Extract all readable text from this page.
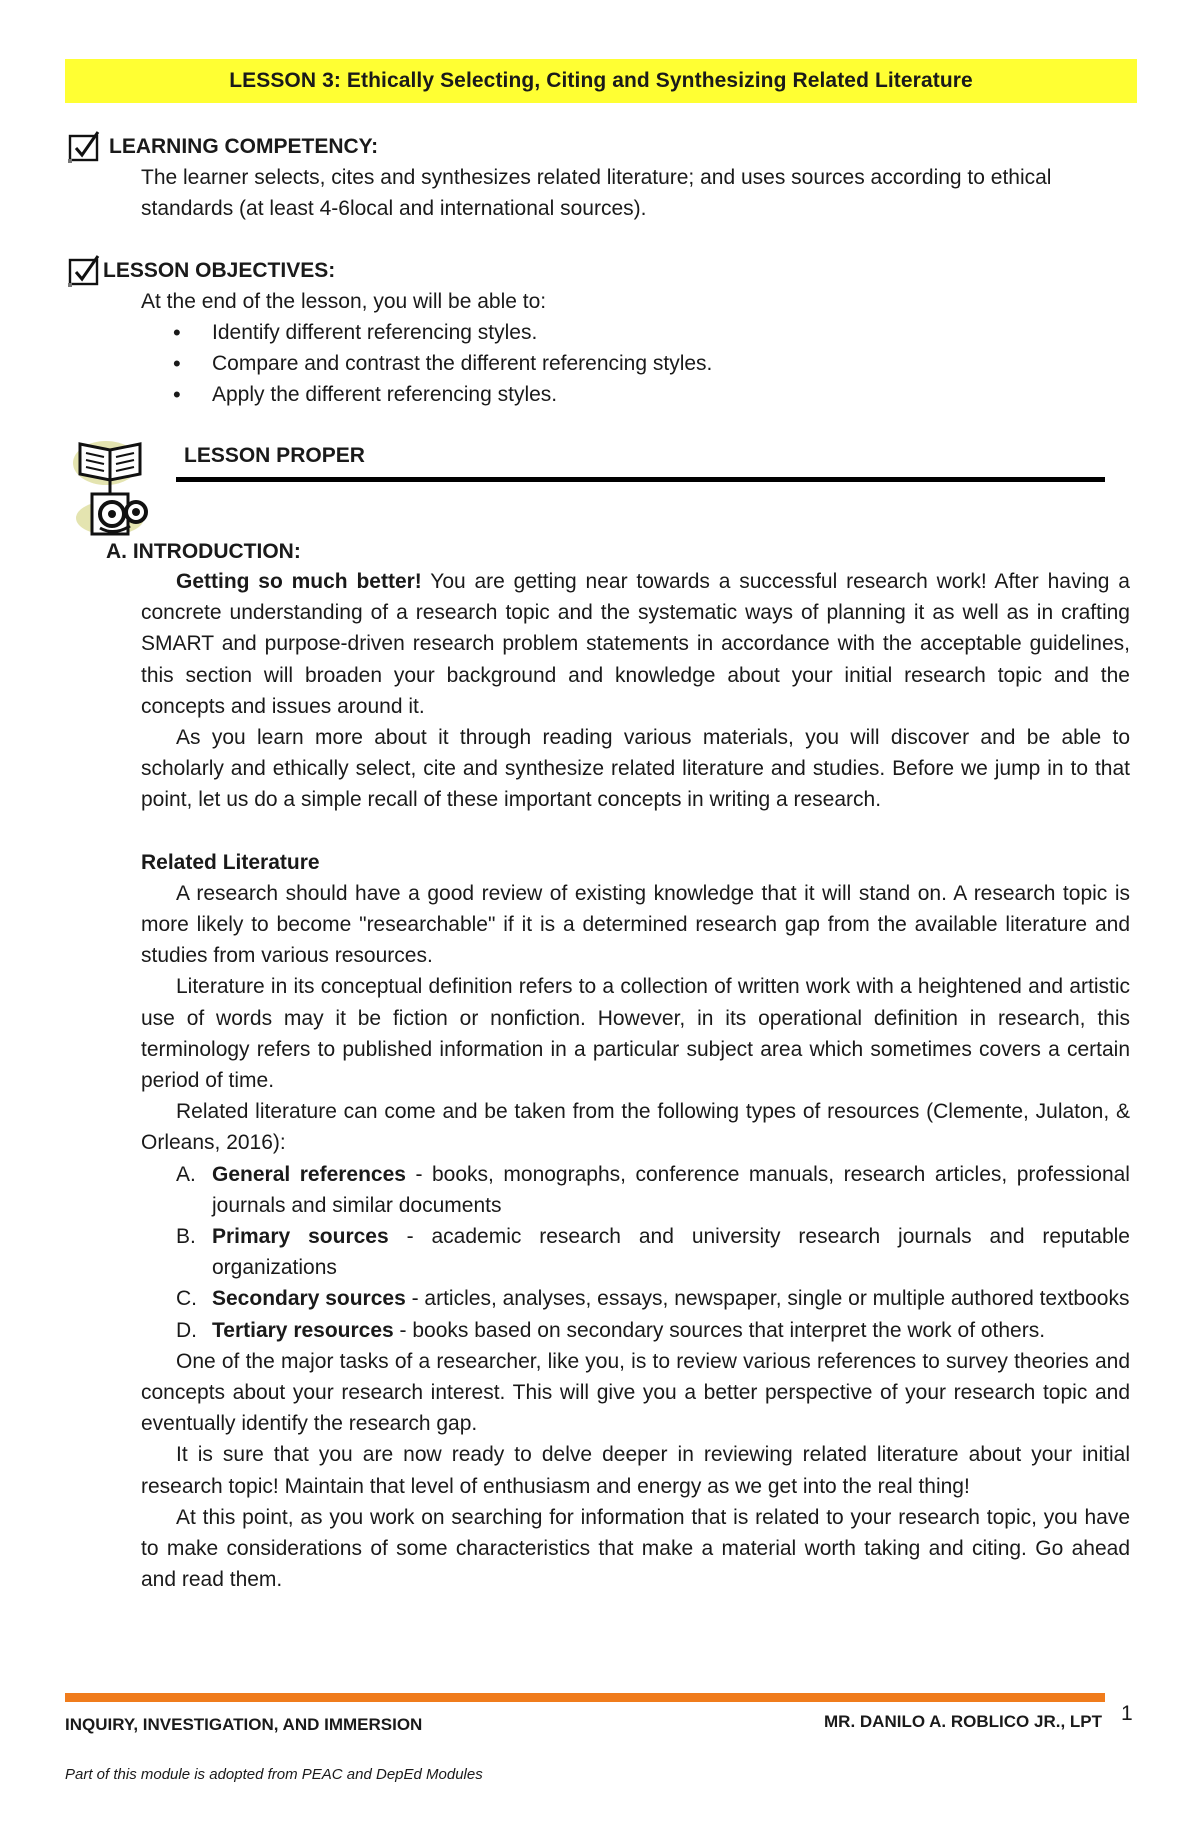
LESSON 3: Ethically Selecting, Citing and Synthesizing Related Literature
LEARNING COMPETENCY:
The learner selects, cites and synthesizes related literature; and uses sources according to ethical standards (at least 4-6local and international sources).
LESSON OBJECTIVES:
At the end of the lesson, you will be able to:
• Identify different referencing styles.
• Compare and contrast the different referencing styles.
• Apply the different referencing styles.
LESSON PROPER
A. INTRODUCTION:

Getting so much better! You are getting near towards a successful research work! After having a concrete understanding of a research topic and the systematic ways of planning it as well as in crafting SMART and purpose-driven research problem statements in accordance with the acceptable guidelines, this section will broaden your background and knowledge about your initial research topic and the concepts and issues around it.

As you learn more about it through reading various materials, you will discover and be able to scholarly and ethically select, cite and synthesize related literature and studies. Before we jump in to that point, let us do a simple recall of these important concepts in writing a research.

Related Literature

A research should have a good review of existing knowledge that it will stand on. A research topic is more likely to become "researchable" if it is a determined research gap from the available literature and studies from various resources.

Literature in its conceptual definition refers to a collection of written work with a heightened and artistic use of words may it be fiction or nonfiction. However, in its operational definition in research, this terminology refers to published information in a particular subject area which sometimes covers a certain period of time.

Related literature can come and be taken from the following types of resources (Clemente, Julaton, & Orleans, 2016):

A. General references - books, monographs, conference manuals, research articles, professional journals and similar documents
B. Primary sources - academic research and university research journals and reputable organizations
C. Secondary sources - articles, analyses, essays, newspaper, single or multiple authored textbooks
D. Tertiary resources - books based on secondary sources that interpret the work of others.

One of the major tasks of a researcher, like you, is to review various references to survey theories and concepts about your research interest. This will give you a better perspective of your research topic and eventually identify the research gap.

It is sure that you are now ready to delve deeper in reviewing related literature about your initial research topic! Maintain that level of enthusiasm and energy as we get into the real thing!

At this point, as you work on searching for information that is related to your research topic, you have to make considerations of some characteristics that make a material worth taking and citing. Go ahead and read them.

INQUIRY, INVESTIGATION, AND IMMERSION	MR. DANILO A. ROBLICO JR., LPT 1
Part of this module is adopted from PEAC and DepEd Modules
